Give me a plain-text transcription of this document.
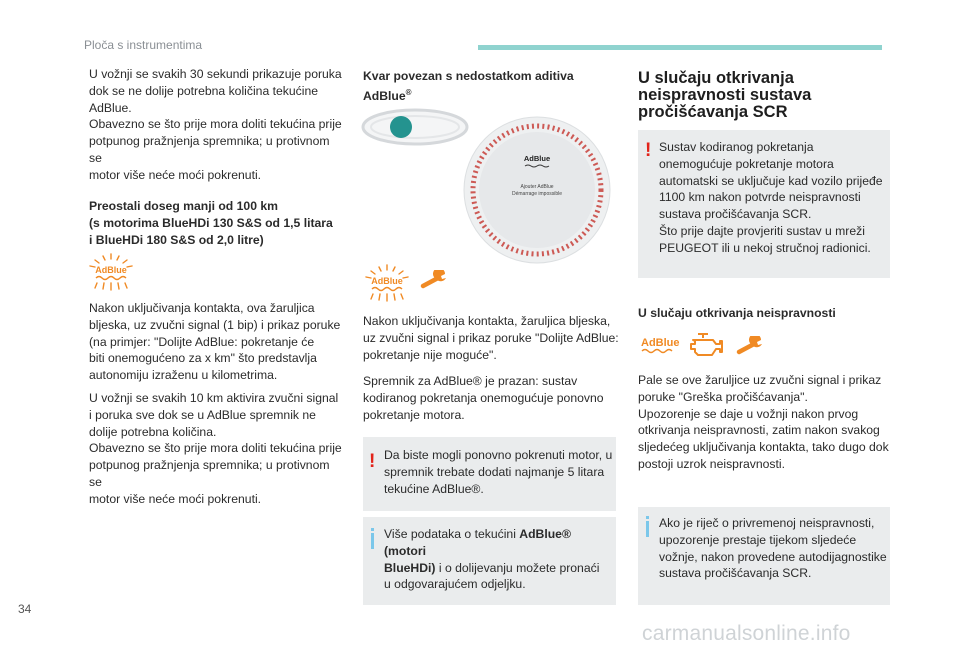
Ploča s instrumentima

U vožnji se svakih 30 sekundi prikazuje poruka

dok se ne dolije potrebna količina tekućine

AdBlue.

Obavezno se što prije mora doliti tekućina prije

potpunog pražnjenja spremnika; u protivnom se

motor više neće moći pokrenuti.

Preostali doseg manji od 100 km

(s motorima BlueHDi 130 S&S od 1,5 litara

i BlueHDi 180 S&S od 2,0 litre)

AdBlue

Nakon uključivanja kontakta, ova žaruljica

bljeska, uz zvučni signal (1 bip) i prikaz poruke

(na primjer: "Dolijte AdBlue: pokretanje će

biti onemogućeno za x km" što predstavlja

autonomiju izraženu u kilometrima.

U vožnji se svakih 10 km aktivira zvučni signal

i poruka sve dok se u AdBlue spremnik ne

dolije potrebna količina.

Obavezno se što prije mora doliti tekućina prije

potpunog pražnjenja spremnika; u protivnom se

motor više neće moći pokrenuti.

Kvar povezan s nedostatkom aditiva

AdBlue®

AdBlue
Ajouter AdBlue
Démarrage impossible
AdBlue

Nakon uključivanja kontakta, žaruljica bljeska,

uz zvučni signal i prikaz poruke "Dolijte AdBlue:

pokretanje nije moguće".

Spremnik za AdBlue® je prazan: sustav

kodiranog pokretanja onemogućuje ponovno

pokretanje motora.

! Da biste mogli ponovno pokrenuti motor, u
spremnik trebate dodati najmanje 5 litara
tekućine AdBlue®.
Više podataka o tekućini AdBlue® (motori
BlueHDi) i o dolijevanju možete pronaći
u odgovarajućem odjeljku.

U slučaju otkrivanja

neispravnosti sustava

pročišćavanja SCR

! Sustav kodiranog pokretanja
onemogućuje pokretanje motora
automatski se uključuje kad vozilo prijeđe
1100 km nakon potvrde neispravnosti
sustava pročišćavanja SCR.
Što prije dajte provjeriti sustav u mreži
PEUGEOT ili u nekoj stručnoj radionici.

U slučaju otkrivanja neispravnosti

AdBlue

Pale se ove žaruljice uz zvučni signal i prikaz

poruke "Greška pročišćavanja".

Upozorenje se daje u vožnji nakon prvog

otkrivanja neispravnosti, zatim nakon svakog

sljedećeg uključivanja kontakta, tako dugo dok

postoji uzrok neispravnosti.

Ako je riječ o privremenoj neispravnosti,
upozorenje prestaje tijekom sljedeće
vožnje, nakon provedene autodijagnostike
sustava pročišćavanja SCR.
34
carmanualsonline.info
